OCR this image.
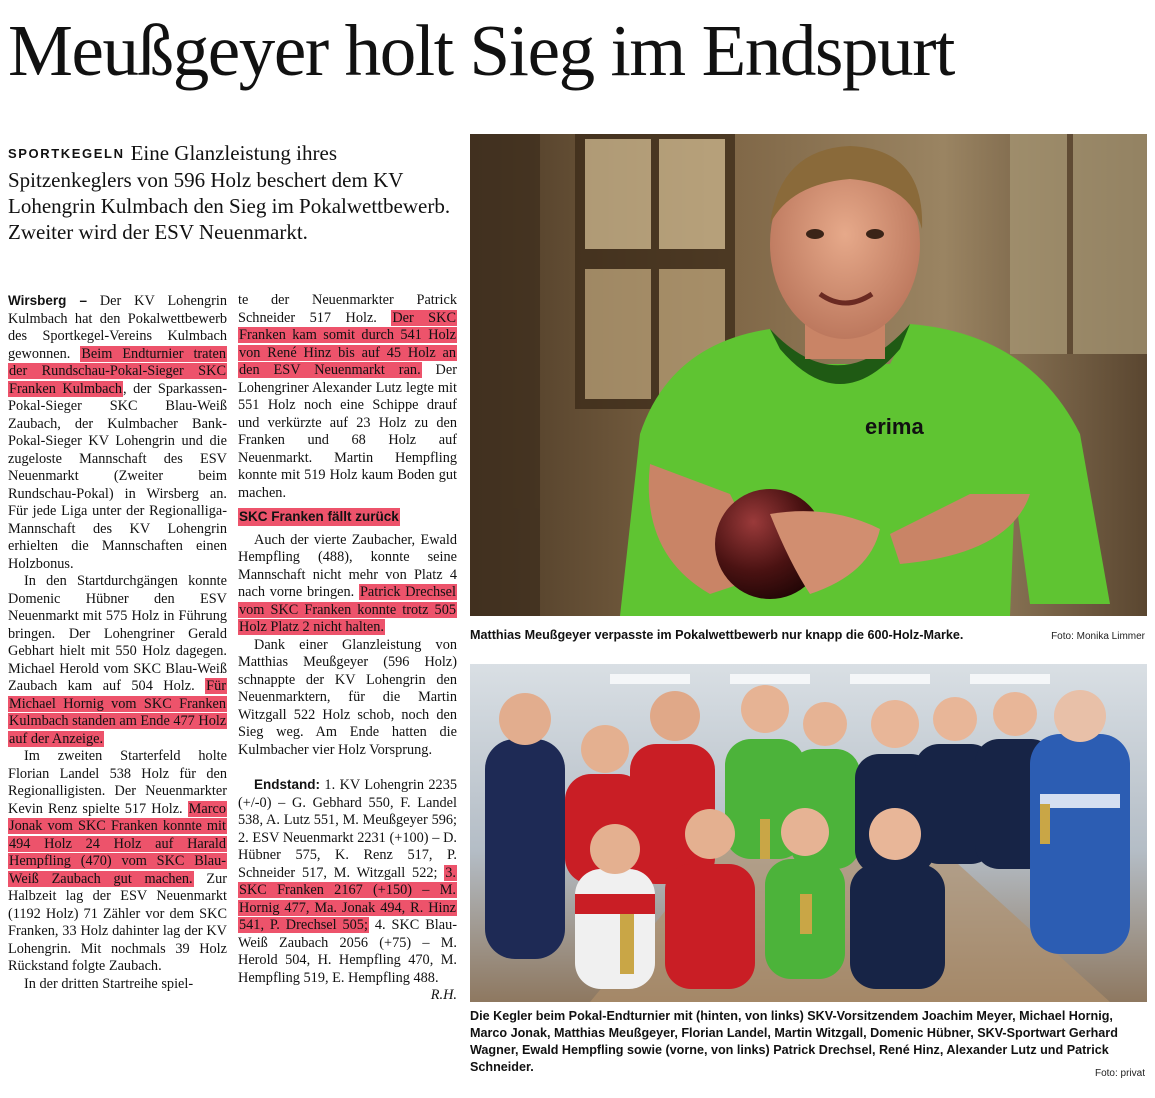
Meußgeyer holt Sieg im Endspurt
SPORTKEGELN Eine Glanzleistung ihres Spitzenkeglers von 596 Holz beschert dem KV Lohengrin Kulmbach den Sieg im Pokalwettbewerb. Zweiter wird der ESV Neuenmarkt.

Wirsberg – Der KV Lohengrin Kulmbach hat den Pokalwettbewerb des Sportkegel-Vereins Kulmbach gewonnen. Beim Endturnier traten der Rundschau-Pokal-Sieger SKC Franken Kulmbach, der Sparkassen-Pokal-Sieger SKC Blau-Weiß Zaubach, der Kulmbacher Bank-Pokal-Sieger KV Lohengrin und die zugeloste Mannschaft des ESV Neuenmarkt (Zweiter beim Rundschau-Pokal) in Wirsberg an. Für jede Liga unter der Regionalliga-Mannschaft des KV Lohengrin erhielten die Mannschaften einen Holzbonus.

In den Startdurchgängen konnte Domenic Hübner den ESV Neuenmarkt mit 575 Holz in Führung bringen. Der Lohengriner Gerald Gebhart hielt mit 550 Holz dagegen. Michael Herold vom SKC Blau-Weiß Zaubach kam auf 504 Holz. Für Michael Hornig vom SKC Franken Kulmbach standen am Ende 477 Holz auf der Anzeige.

Im zweiten Starterfeld holte Florian Landel 538 Holz für den Regionalligisten. Der Neuenmarkter Kevin Renz spielte 517 Holz. Marco Jonak vom SKC Franken konnte mit 494 Holz 24 Holz auf Harald Hempfling (470) vom SKC Blau-Weiß Zaubach gut machen. Zur Halbzeit lag der ESV Neuenmarkt (1192 Holz) 71 Zähler vor dem SKC Franken, 33 Holz dahinter lag der KV Lohengrin. Mit nochmals 39 Holz Rückstand folgte Zaubach.

In der dritten Startreihe spiel-

te der Neuenmarkter Patrick Schneider 517 Holz. Der SKC Franken kam somit durch 541 Holz von René Hinz bis auf 45 Holz an den ESV Neuenmarkt ran. Der Lohengriner Alexander Lutz legte mit 551 Holz noch eine Schippe drauf und verkürzte auf 23 Holz zu den Franken und 68 Holz auf Neuenmarkt. Martin Hempfling konnte mit 519 Holz kaum Boden gut machen.

SKC Franken fällt zurück

Auch der vierte Zaubacher, Ewald Hempfling (488), konnte seine Mannschaft nicht mehr von Platz 4 nach vorne bringen. Patrick Drechsel vom SKC Franken konnte trotz 505 Holz Platz 2 nicht halten.

Dank einer Glanzleistung von Matthias Meußgeyer (596 Holz) schnappte der KV Lohengrin den Neuenmarktern, für die Martin Witzgall 522 Holz schob, noch den Sieg weg. Am Ende hatten die Kulmbacher vier Holz Vorsprung.

Endstand: 1. KV Lohengrin 2235 (+/-0) – G. Gebhard 550, F. Landel 538, A. Lutz 551, M. Meußgeyer 596; 2. ESV Neuenmarkt 2231 (+100) – D. Hübner 575, K. Renz 517, P. Schneider 517, M. Witzgall 522; 3. SKC Franken 2167 (+150) – M. Hornig 477, Ma. Jonak 494, R. Hinz 541, P. Drechsel 505; 4. SKC Blau-Weiß Zaubach 2056 (+75) – M. Herold 504, H. Hempfling 470, M. Hempfling 519, E. Hempfling 488.
R.H.

erima
Matthias Meußgeyer verpasste im Pokalwettbewerb nur knapp die 600-Holz-Marke.	Foto: Monika Limmer
Die Kegler beim Pokal-Endturnier mit (hinten, von links) SKV-Vorsitzendem Joachim Meyer, Michael Hornig, Marco Jonak, Matthias Meußgeyer, Florian Landel, Martin Witzgall, Domenic Hübner, SKV-Sportwart Gerhard Wagner, Ewald Hempfling sowie (vorne, von links) Patrick Drechsel, René Hinz, Alexander Lutz und Patrick Schneider.	Foto: privat
